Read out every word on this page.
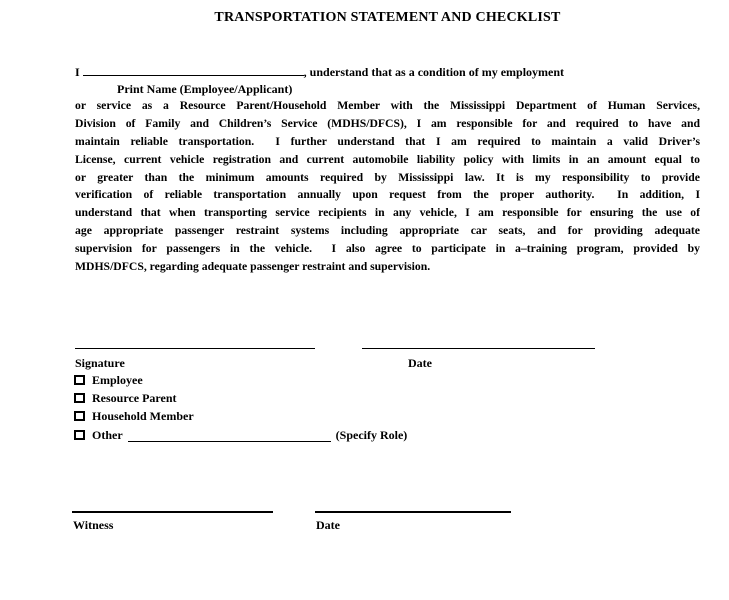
TRANSPORTATION STATEMENT AND CHECKLIST
I	, understand that as a condition of my employment
Print Name (Employee/Applicant)
or service as a Resource Parent/Household Member with the Mississippi Department of Human Services,
Division of Family and Children’s Service (MDHS/DFCS), I am responsible for and required to have and
maintain reliable transportation.  I further understand that I am required to maintain a valid Driver’s
License, current vehicle registration and current automobile liability policy with limits in an amount equal to
or greater than the minimum amounts required by Mississippi law. It is my responsibility to provide
verification of reliable transportation annually upon request from the proper authority.  In addition, I
understand that when transporting service recipients in any vehicle, I am responsible for ensuring the use of
age appropriate passenger restraint systems including appropriate car seats, and for providing adequate
supervision for passengers in the vehicle.  I also agree to participate in a–training program, provided by
MDHS/DFCS, regarding adequate passenger restraint and supervision.
Signature	Date
Employee
Resource Parent
Household Member
Other	(Specify Role)
Witness	Date
